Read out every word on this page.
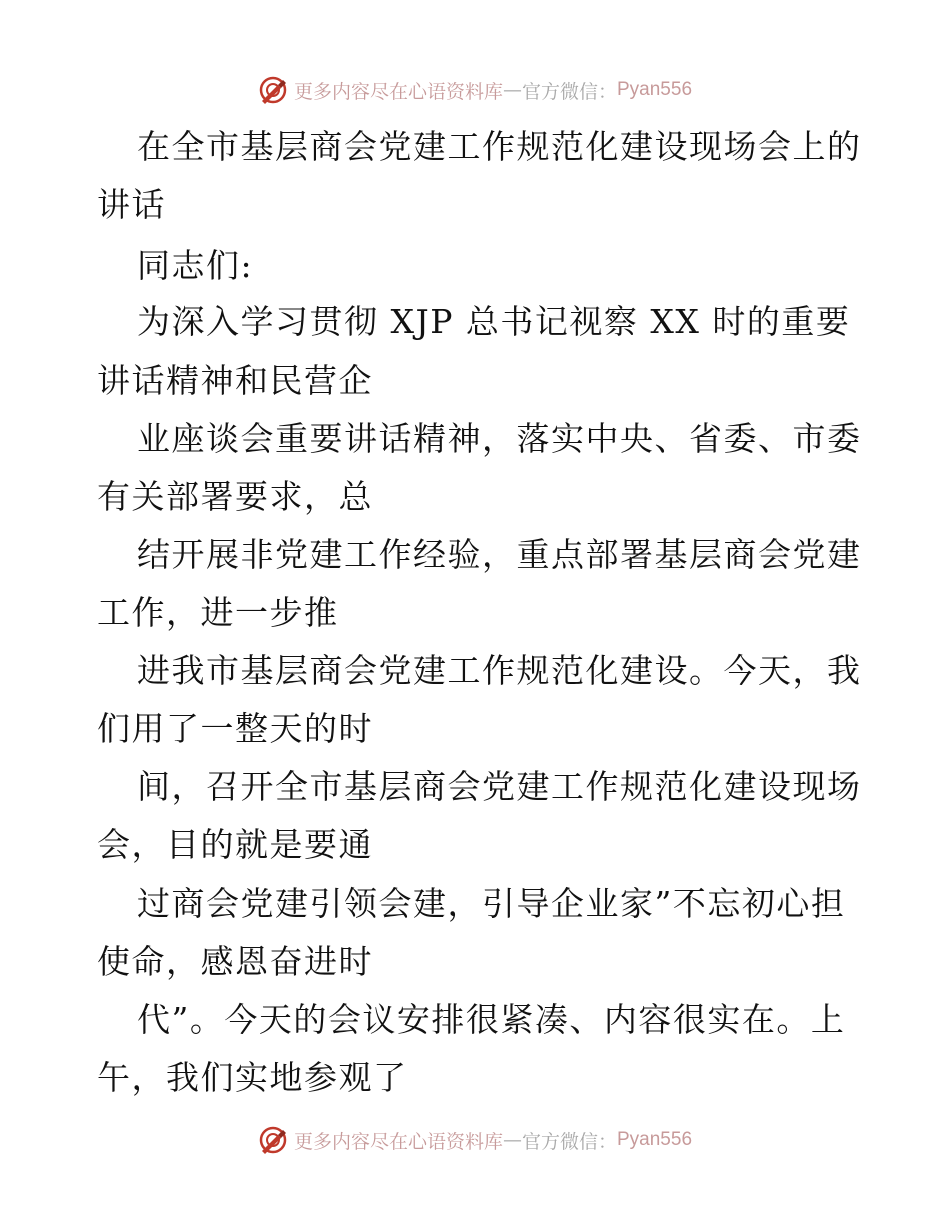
更多内容尽在心语资料库 — 官方微信： Pyan556
在全市基层商会党建工作规范化建设现场会上的
讲话
同志们:
为深入学习贯彻 XJP 总书记视察 XX 时的重要
讲话精神和民营企
业座谈会重要讲话精神，落实中央、省委、市委
有关部署要求，总
结开展非党建工作经验，重点部署基层商会党建
工作，进一步推
进我市基层商会党建工作规范化建设。今天，我
们用了一整天的时
间，召开全市基层商会党建工作规范化建设现场
会，目的就是要通
过商会党建引领会建，引导企业家”不忘初心担
使命，感恩奋进时
代”。今天的会议安排很紧凑、内容很实在。上
午，我们实地参观了
更多内容尽在心语资料库 — 官方微信： Pyan556
